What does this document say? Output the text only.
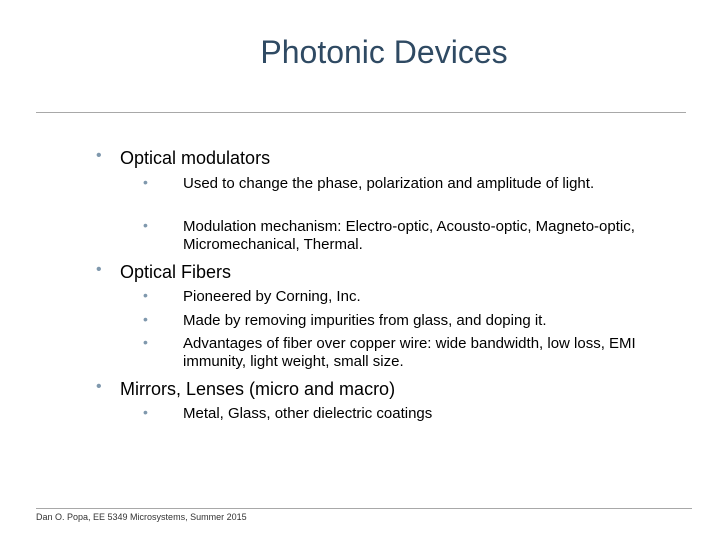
Photonic Devices
• Optical modulators
• Used to change the phase, polarization and amplitude of light.
• Modulation mechanism: Electro-optic, Acousto-optic, Magneto-optic, Micromechanical, Thermal.
• Optical Fibers
• Pioneered by Corning, Inc.
• Made by removing impurities from glass, and doping it.
• Advantages of fiber over copper wire: wide bandwidth, low loss, EMI immunity, light weight, small size.
• Mirrors, Lenses (micro and macro)
• Metal, Glass, other dielectric coatings
Dan O. Popa, EE 5349 Microsystems, Summer 2015
